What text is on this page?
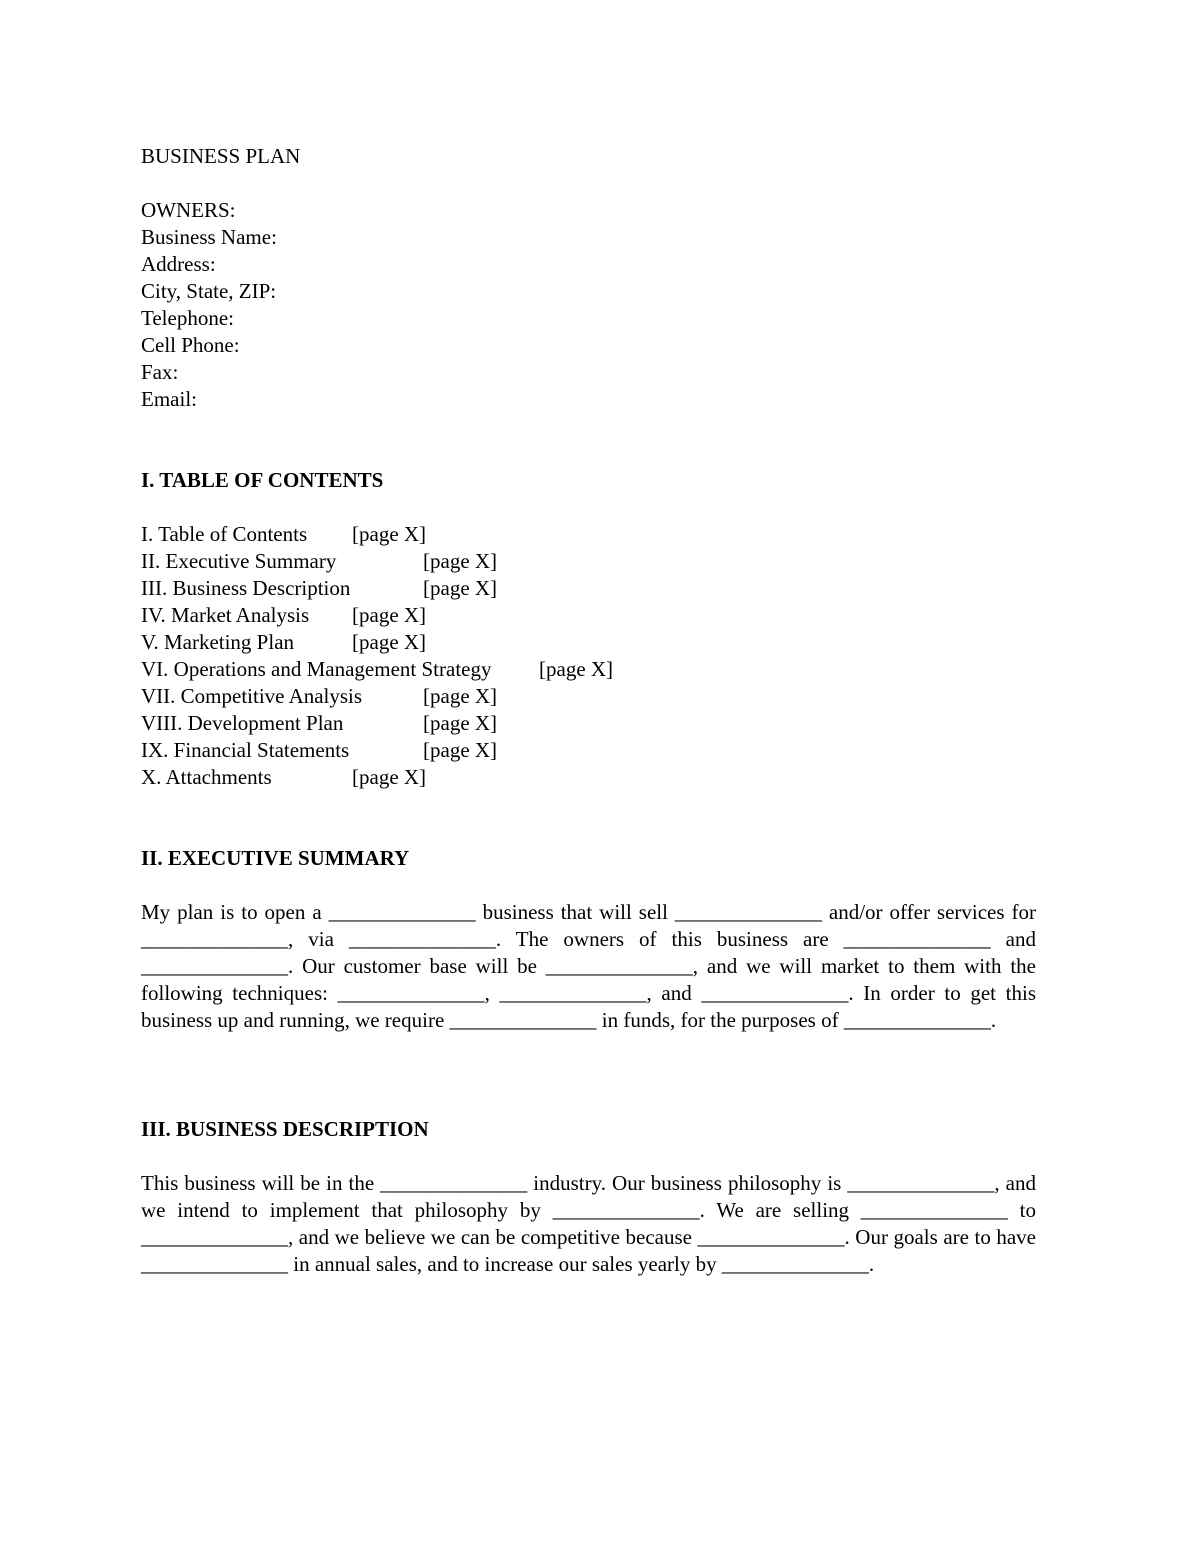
BUSINESS PLAN
OWNERS:
Business Name:
Address:
City, State, ZIP:
Telephone:
Cell Phone:
Fax:
Email:
I. TABLE OF CONTENTS
I. Table of Contents [page X]
II. Executive Summary	[page X]
III. Business Description	[page X]
IV. Market Analysis [page X]
V. Marketing Plan	[page X]
VI. Operations and Management Strategy [page X]
VII. Competitive Analysis	[page X]
VIII. Development Plan	[page X]
IX. Financial Statements	[page X]
X. Attachments	[page X]
II. EXECUTIVE SUMMARY
My plan is to open a ______________ business that will sell ______________ and/or offer services for ______________, via ______________. The owners of this business are ______________ and ______________. Our customer base will be ______________, and we will market to them with the following techniques: ______________, ______________, and ______________. In order to get this business up and running, we require ______________ in funds, for the purposes of ______________.
III. BUSINESS DESCRIPTION
This business will be in the ______________ industry. Our business philosophy is ______________, and we intend to implement that philosophy by ______________. We are selling ______________ to ______________, and we believe we can be competitive because ______________. Our goals are to have ______________ in annual sales, and to increase our sales yearly by ______________.
